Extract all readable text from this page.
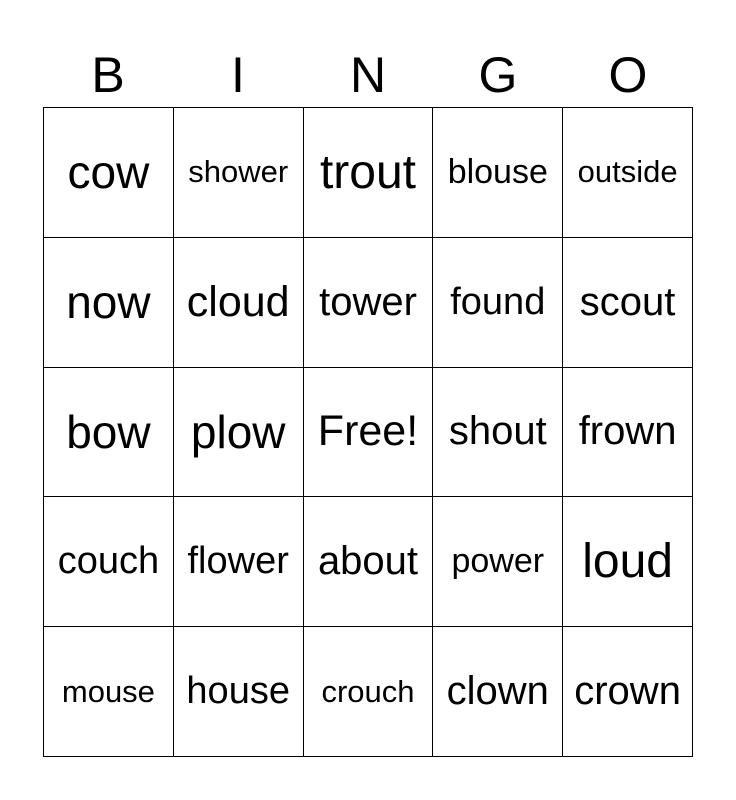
B	I	N	G	O
cow	shower trout blouse outside
now cloud tower found scout
bow plow Free! shout frown
couch flower about power loud
mouse house	crouch clown crown
